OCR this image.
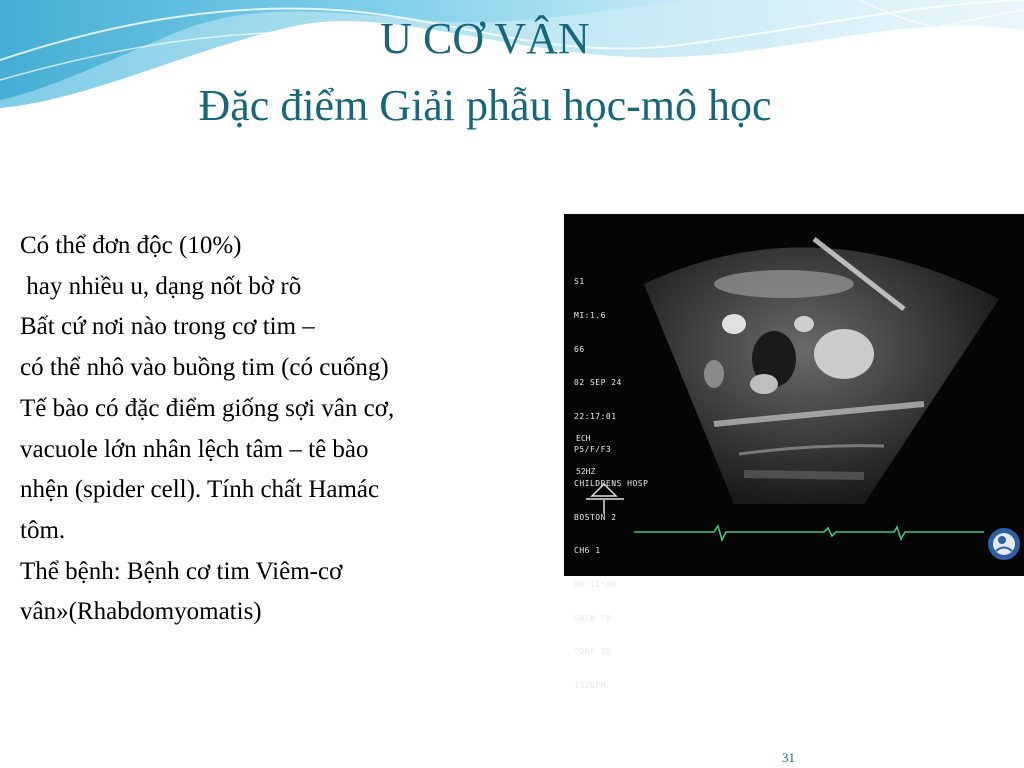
U CƠ VÂN
Đặc điểm Giải phẫu học-mô học
Có thể đơn độc (10%)
hay nhiều u, dạng nốt bờ rõ
Bất cứ nơi nào trong cơ tim –
có thể nhô vào buồng tim (có cuống)
Tế bào có đặc điểm giống sợi vân cơ,
vacuole lớn nhân lệch tâm – tê bào
nhện (spider cell). Tính chất Hamác
tôm.
Thể bệnh: Bệnh cơ tim Viêm-cơ
vân»(Rhabdomyomatis)

S1

MI:1.6

66

02 SEP 24

22:17:01

P5/F/F3

CHILDRENS HOSP

BOSTON 2

CH6 1

00:11:08

GAIN 79

COMP 30

132BPM

ECH

52HZ

31
